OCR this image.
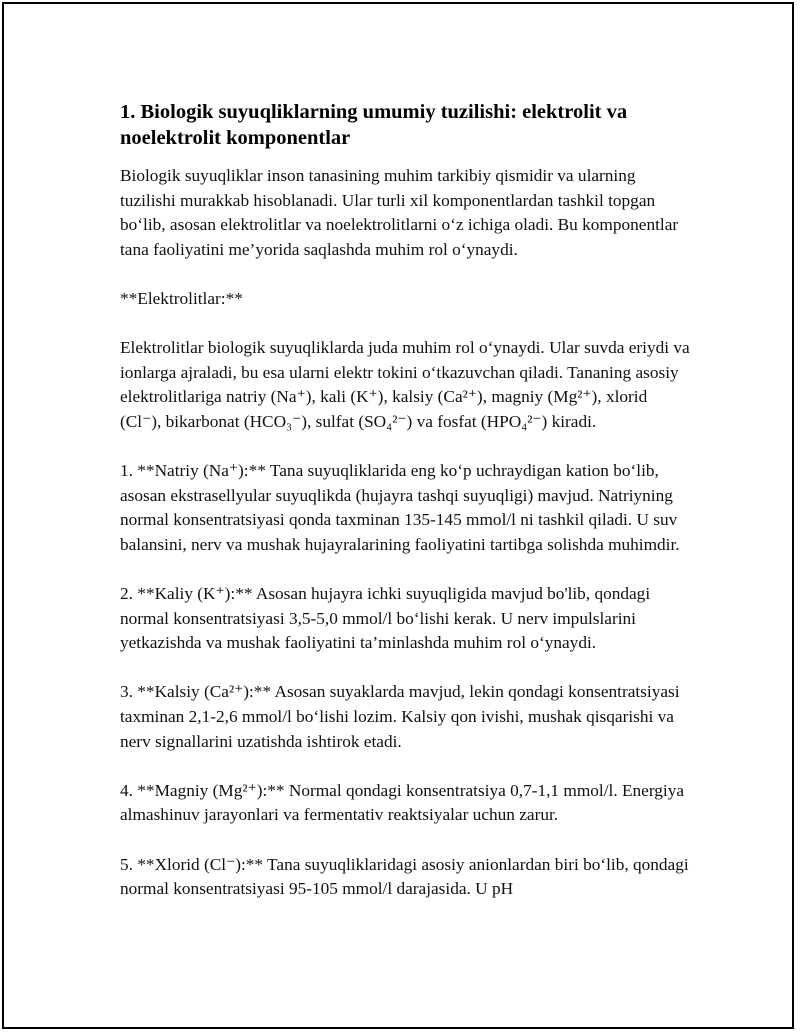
1. Biologik suyuqliklarning umumiy tuzilishi: elektrolit va noelektrolit komponentlar

Biologik suyuqliklar inson tanasining muhim tarkibiy qismidir va ularning tuzilishi murakkab hisoblanadi. Ular turli xil komponentlardan tashkil topgan bo‘lib, asosan elektrolitlar va noelektrolitlarni o‘z ichiga oladi. Bu komponentlar tana faoliyatini me’yorida saqlashda muhim rol o‘ynaydi.

**Elektrolitlar:**

Elektrolitlar biologik suyuqliklarda juda muhim rol o‘ynaydi. Ular suvda eriydi va ionlarga ajraladi, bu esa ularni elektr tokini o‘tkazuvchan qiladi. Tananing asosiy elektrolitlariga natriy (Na⁺), kali (K⁺), kalsiy (Ca²⁺), magniy (Mg²⁺), xlorid (Cl⁻), bikarbonat (HCO₃⁻), sulfat (SO₄²⁻) va fosfat (HPO₄²⁻) kiradi.

1. **Natriy (Na⁺):** Tana suyuqliklarida eng ko‘p uchraydigan kation bo‘lib, asosan ekstrasellyular suyuqlikda (hujayra tashqi suyuqligi) mavjud. Natriyning normal konsentratsiyasi qonda taxminan 135-145 mmol/l ni tashkil qiladi. U suv balansini, nerv va mushak hujayralarining faoliyatini tartibga solishda muhimdir.

2. **Kaliy (K⁺):** Asosan hujayra ichki suyuqligida mavjud bo'lib, qondagi normal konsentratsiyasi 3,5-5,0 mmol/l bo‘lishi kerak. U nerv impulslarini yetkazishda va mushak faoliyatini ta’minlashda muhim rol o‘ynaydi.

3. **Kalsiy (Ca²⁺):** Asosan suyaklarda mavjud, lekin qondagi konsentratsiyasi taxminan 2,1-2,6 mmol/l bo‘lishi lozim. Kalsiy qon ivishi, mushak qisqarishi va nerv signallarini uzatishda ishtirok etadi.

4. **Magniy (Mg²⁺):** Normal qondagi konsentratsiya 0,7-1,1 mmol/l. Energiya almashinuv jarayonlari va fermentativ reaktsiyalar uchun zarur.

5. **Xlorid (Cl⁻):** Tana suyuqliklaridagi asosiy anionlardan biri bo‘lib, qondagi normal konsentratsiyasi 95-105 mmol/l darajasida. U pH
